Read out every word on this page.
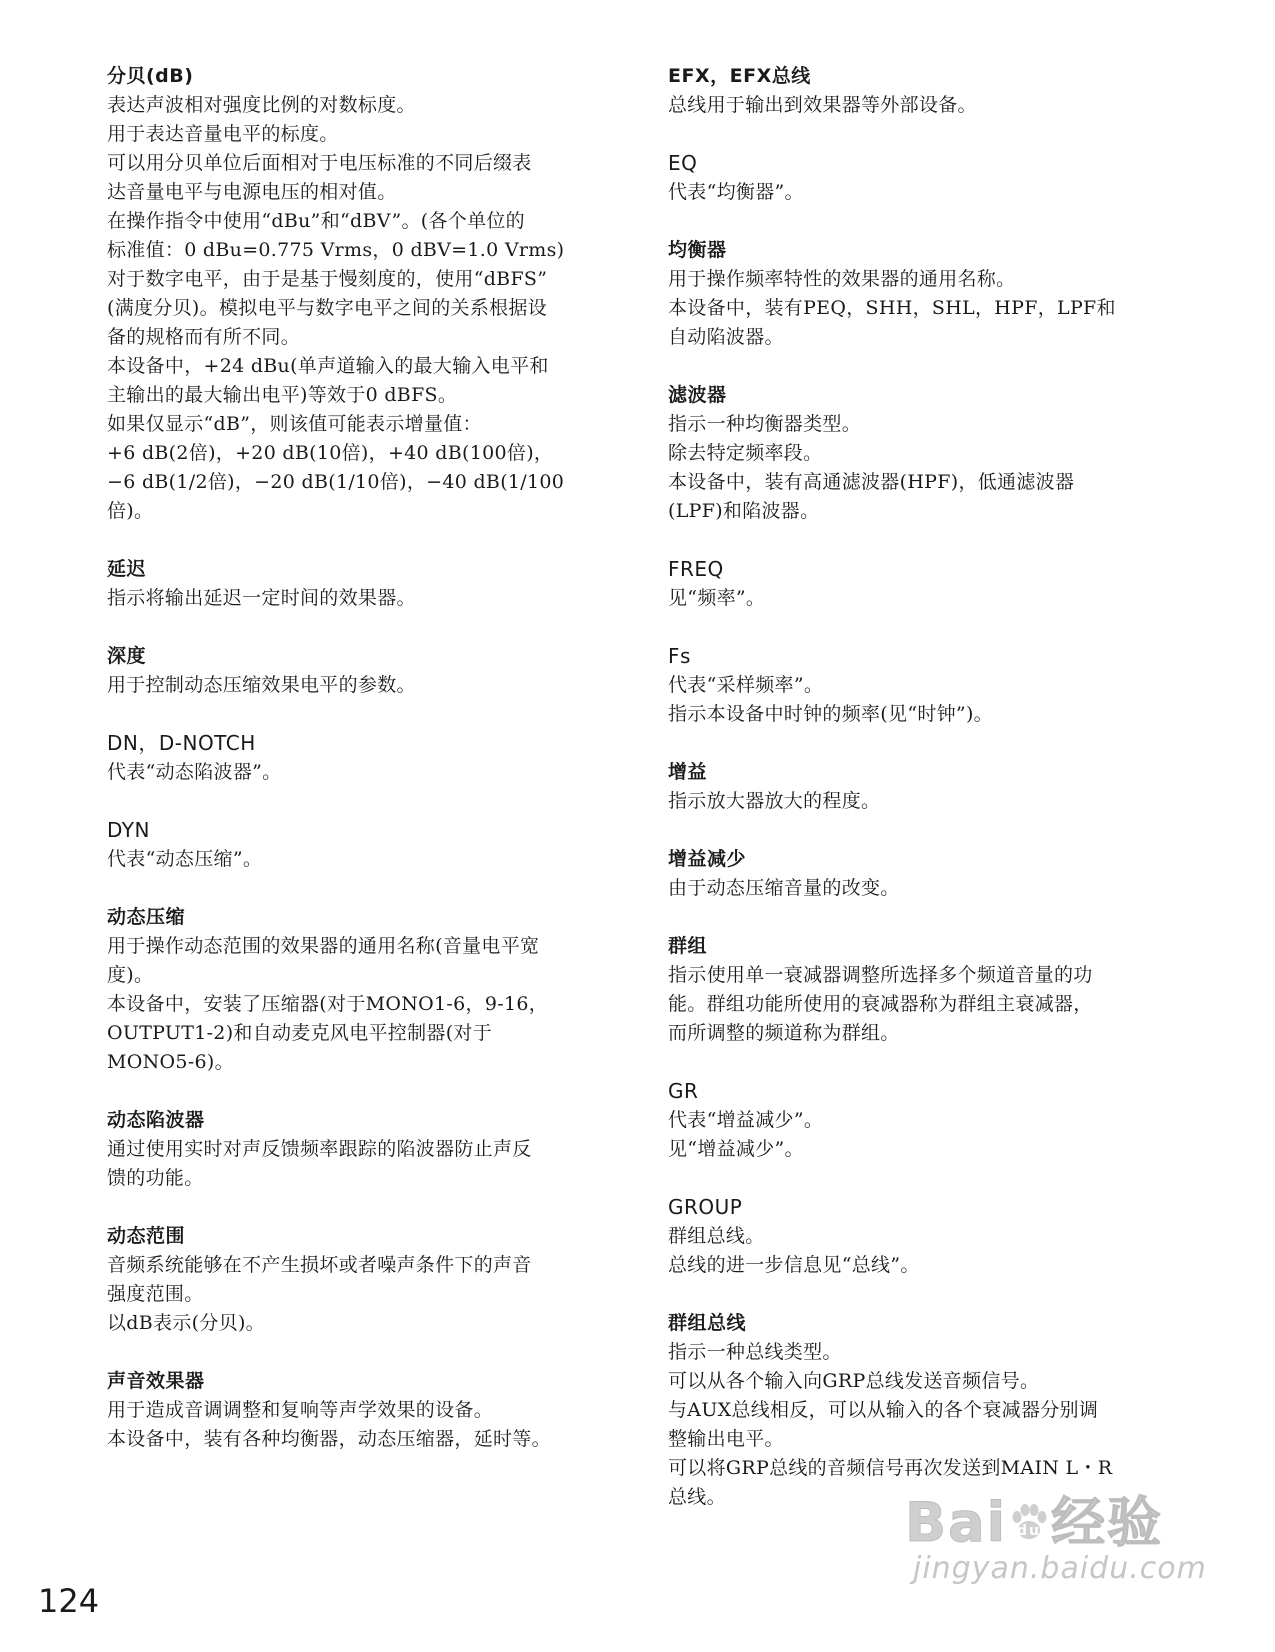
分贝(dB)
表达声波相对强度比例的对数标度。
用于表达音量电平的标度。
可以用分贝单位后面相对于电压标准的不同后缀表
达音量电平与电源电压的相对值。
在操作指令中使用“dBu”和“dBV”。(各个单位的
标准值：0 dBu=0.775 Vrms，0 dBV=1.0 Vrms)
对于数字电平，由于是基于慢刻度的，使用“dBFS”
(满度分贝)。模拟电平与数字电平之间的关系根据设
备的规格而有所不同。
本设备中，+24 dBu(单声道输入的最大输入电平和
主输出的最大输出电平)等效于0 dBFS。
如果仅显示“dB”，则该值可能表示增量值：
+6 dB(2倍)，+20 dB(10倍)，+40 dB(100倍)，
−6 dB(1/2倍)，−20 dB(1/10倍)，−40 dB(1/100
倍)。
延迟
指示将输出延迟一定时间的效果器。
深度
用于控制动态压缩效果电平的参数。
DN，D-NOTCH
代表“动态陷波器”。
DYN
代表“动态压缩”。
动态压缩
用于操作动态范围的效果器的通用名称(音量电平宽
度)。
本设备中，安装了压缩器(对于MONO1-6，9-16，
OUTPUT1-2)和自动麦克风电平控制器(对于
MONO5-6)。
动态陷波器
通过使用实时对声反馈频率跟踪的陷波器防止声反
馈的功能。
动态范围
音频系统能够在不产生损坏或者噪声条件下的声音
强度范围。
以dB表示(分贝)。
声音效果器
用于造成音调调整和复响等声学效果的设备。
本设备中，装有各种均衡器，动态压缩器，延时等。
EFX，EFX总线
总线用于输出到效果器等外部设备。
EQ
代表“均衡器”。
均衡器
用于操作频率特性的效果器的通用名称。
本设备中，装有PEQ，SHH，SHL，HPF，LPF和
自动陷波器。
滤波器
指示一种均衡器类型。
除去特定频率段。
本设备中，装有高通滤波器(HPF)，低通滤波器
(LPF)和陷波器。
FREQ
见“频率”。
Fs
代表“采样频率”。
指示本设备中时钟的频率(见“时钟”)。
增益
指示放大器放大的程度。
增益减少
由于动态压缩音量的改变。
群组
指示使用单一衰减器调整所选择多个频道音量的功
能。群组功能所使用的衰减器称为群组主衰减器，
而所调整的频道称为群组。
GR
代表“增益减少”。
见“增益减少”。
GROUP
群组总线。
总线的进一步信息见“总线”。
群组总线
指示一种总线类型。
可以从各个输入向GRP总线发送音频信号。
与AUX总线相反，可以从输入的各个衰减器分别调
整输出电平。
可以将GRP总线的音频信号再次发送到MAIN L・R
总线。
124
Bai du 经验
jingyan.baidu.com
